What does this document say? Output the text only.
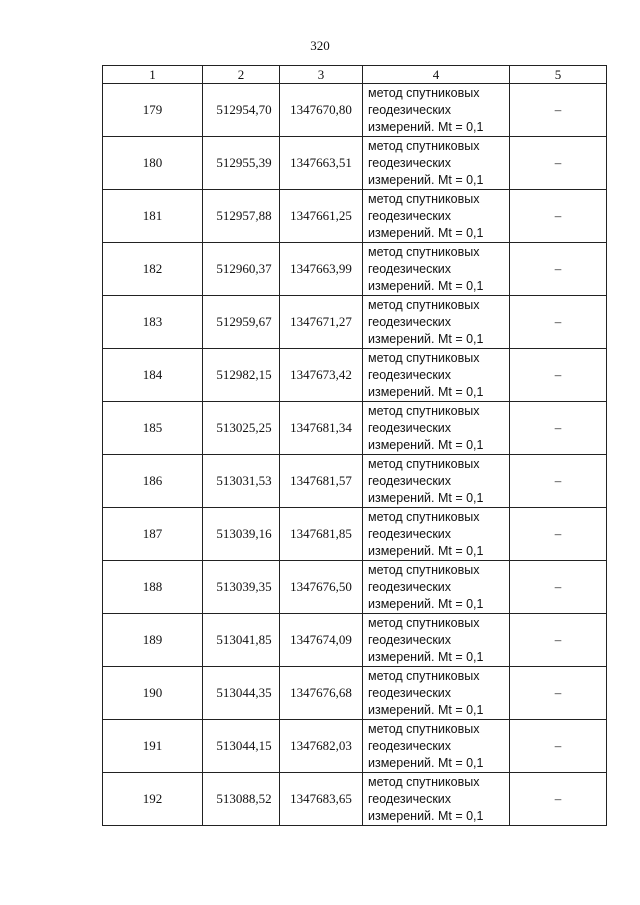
320
1	2	3	4	5
179	512954,70	1347670,80	метод спутниковых
геодезических
измерений. Mt = 0,1	–
180	512955,39	1347663,51	метод спутниковых
геодезических
измерений. Mt = 0,1	–
181	512957,88	1347661,25	метод спутниковых
геодезических
измерений. Mt = 0,1	–
182	512960,37	1347663,99	метод спутниковых
геодезических
измерений. Mt = 0,1	–
183	512959,67	1347671,27	метод спутниковых
геодезических
измерений. Mt = 0,1	–
184	512982,15	1347673,42	метод спутниковых
геодезических
измерений. Mt = 0,1	–
185	513025,25	1347681,34	метод спутниковых
геодезических
измерений. Mt = 0,1	–
186	513031,53	1347681,57	метод спутниковых
геодезических
измерений. Mt = 0,1	–
187	513039,16	1347681,85	метод спутниковых
геодезических
измерений. Mt = 0,1	–
188	513039,35	1347676,50	метод спутниковых
геодезических
измерений. Mt = 0,1	–
189	513041,85	1347674,09	метод спутниковых
геодезических
измерений. Mt = 0,1	–
190	513044,35	1347676,68	метод спутниковых
геодезических
измерений. Mt = 0,1	–
191	513044,15	1347682,03	метод спутниковых
геодезических
измерений. Mt = 0,1	–
192	513088,52	1347683,65	метод спутниковых
геодезических
измерений. Mt = 0,1	–
